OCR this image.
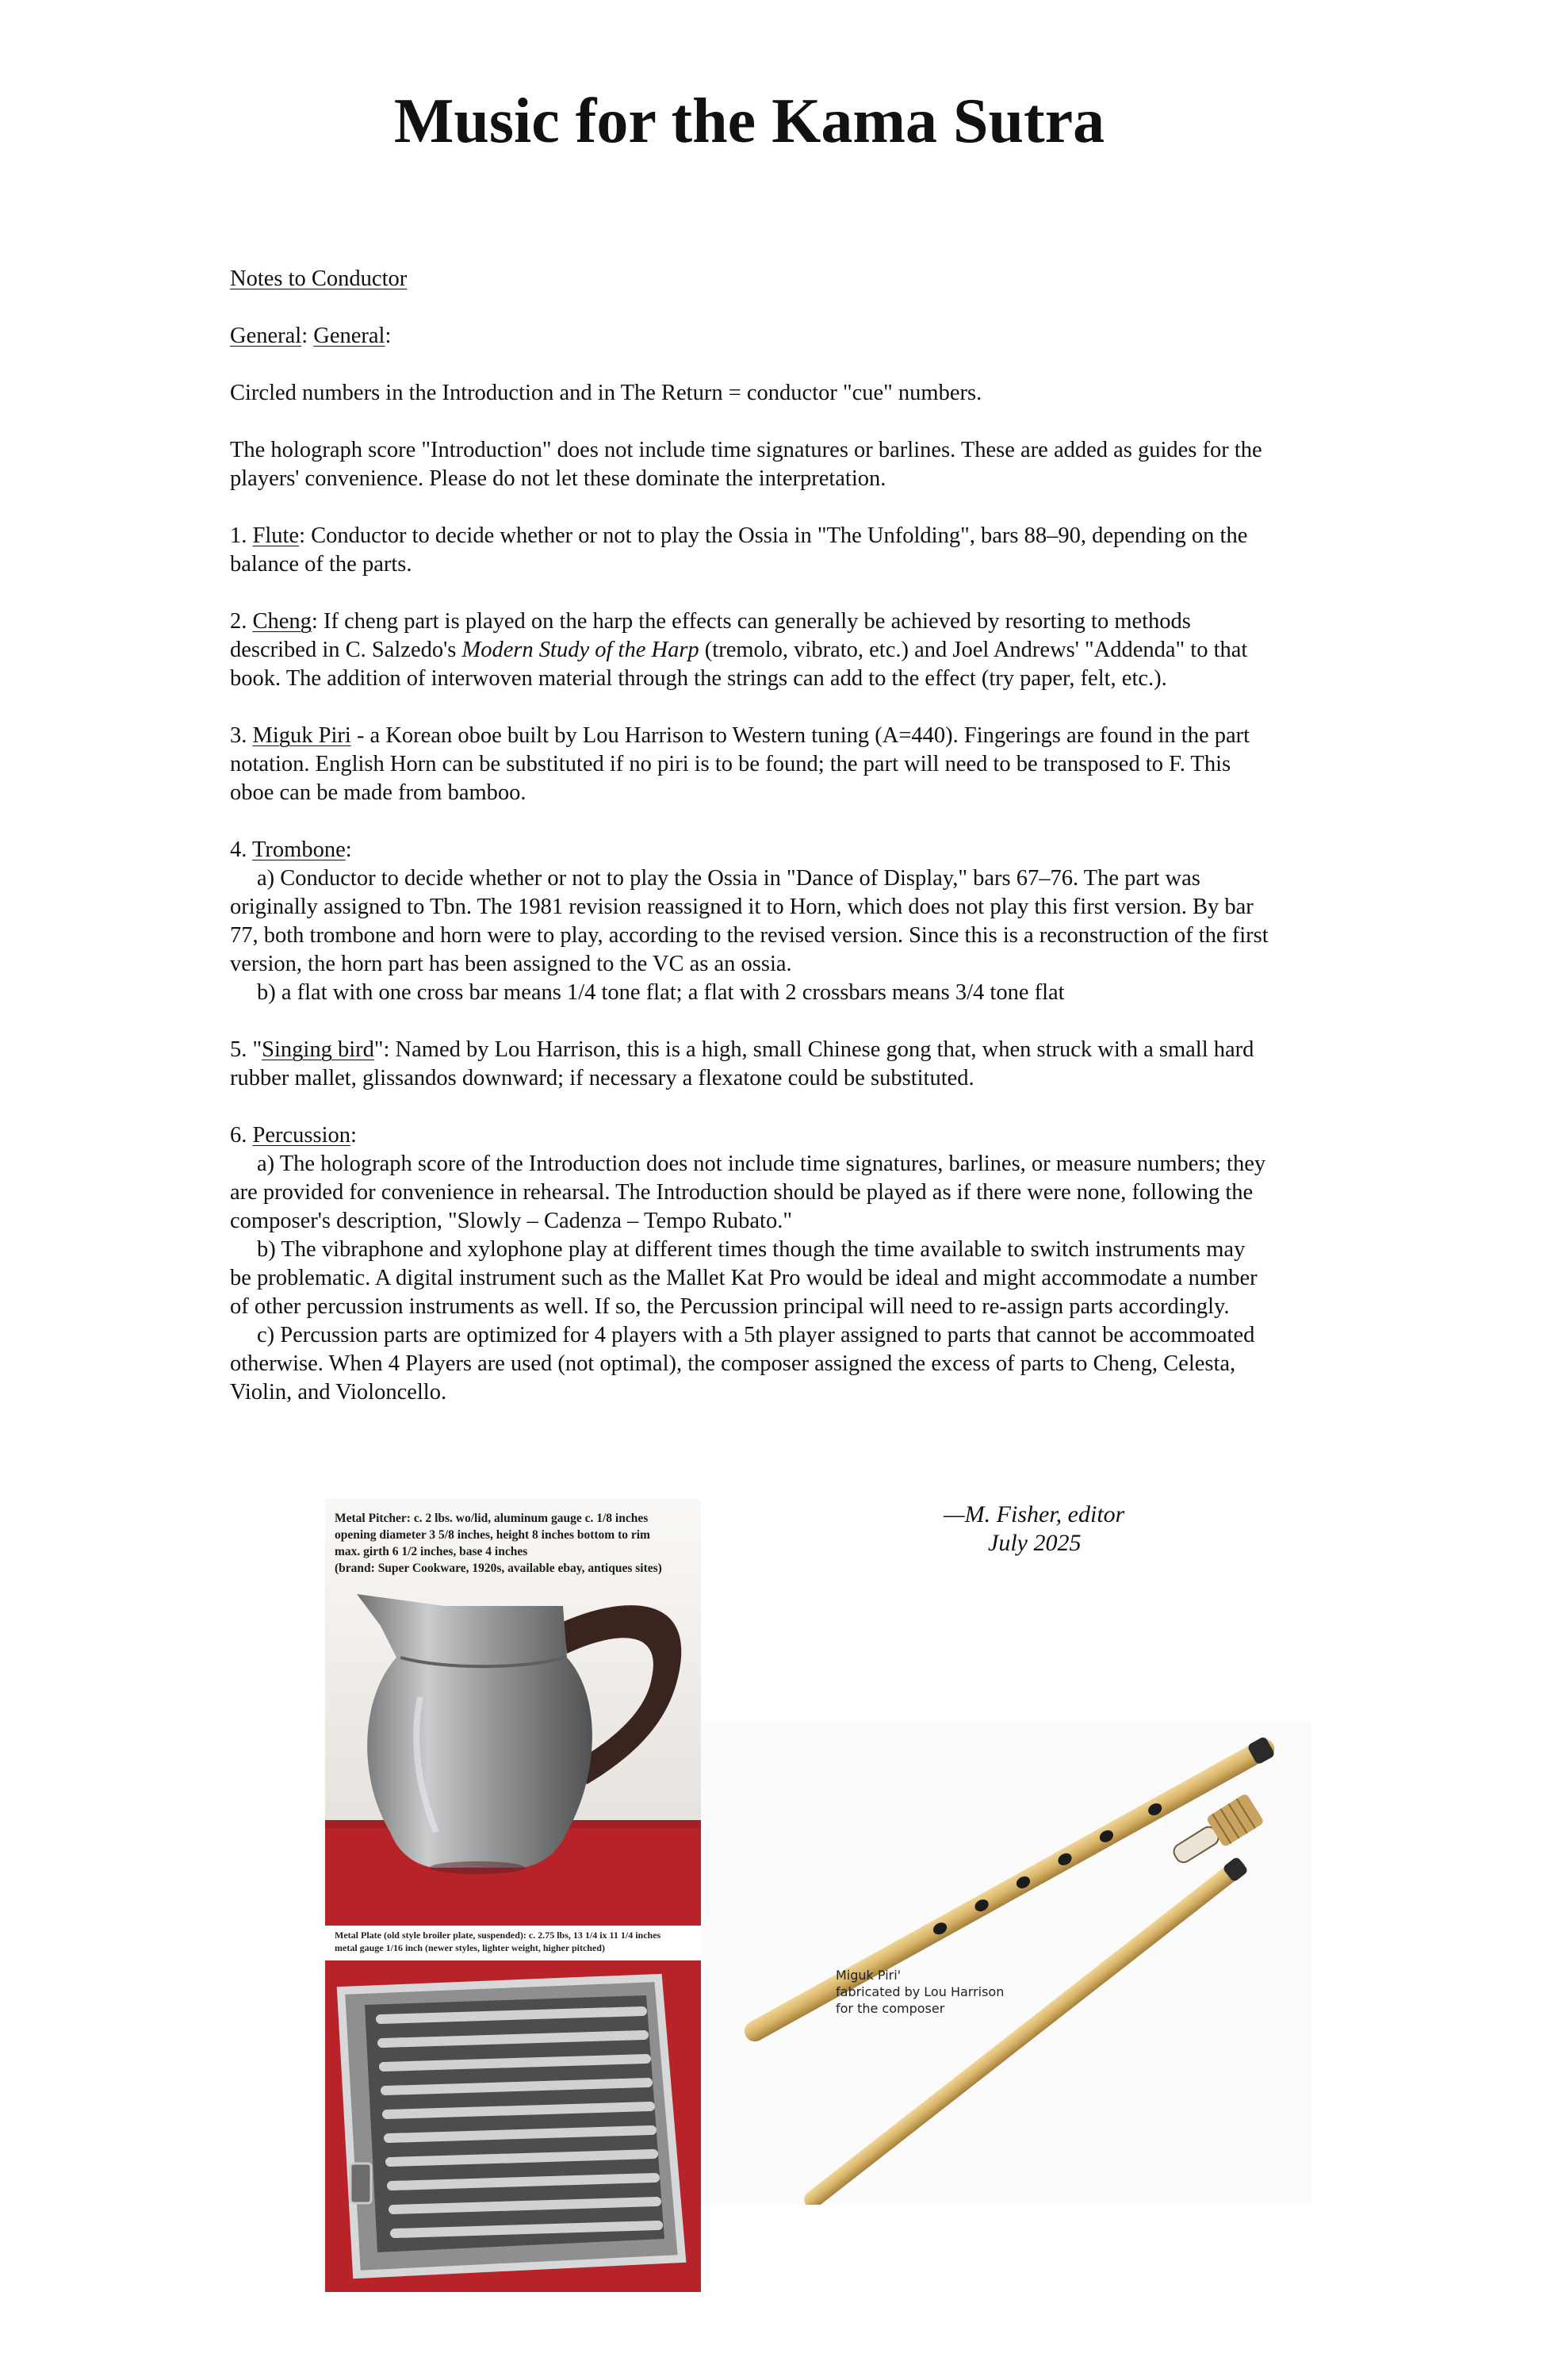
Music for the Kama Sutra

Notes to Conductor

General: General:

Circled numbers in the Introduction and in The Return = conductor "cue" numbers.

The holograph score "Introduction" does not include time signatures or barlines. These are added as guides for the players' convenience. Please do not let these dominate the interpretation.

1. Flute: Conductor to decide whether or not to play the Ossia in "The Unfolding", bars 88–90, depending on the balance of the parts.

2. Cheng: If cheng part is played on the harp the effects can generally be achieved by resorting to methods described in C. Salzedo's Modern Study of the Harp (tremolo, vibrato, etc.) and Joel Andrews' "Addenda" to that book. The addition of interwoven material through the strings can add to the effect (try paper, felt, etc.).

3. Miguk Piri - a Korean oboe built by Lou Harrison to Western tuning (A=440). Fingerings are found in the part notation. English Horn can be substituted if no piri is to be found; the part will need to be transposed to F. This oboe can be made from bamboo.

4. Trombone:
a) Conductor to decide whether or not to play the Ossia in "Dance of Display," bars 67–76. The part was originally assigned to Tbn. The 1981 revision reassigned it to Horn, which does not play this first version. By bar 77, both trombone and horn were to play, according to the revised version. Since this is a reconstruction of the first version, the horn part has been assigned to the VC as an ossia.
b) a flat with one cross bar means 1/4 tone flat; a flat with 2 crossbars means 3/4 tone flat

5. "Singing bird": Named by Lou Harrison, this is a high, small Chinese gong that, when struck with a small hard rubber mallet, glissandos downward; if necessary a flexatone could be substituted.

6. Percussion:
a) The holograph score of the Introduction does not include time signatures, barlines, or measure numbers; they are provided for convenience in rehearsal. The Introduction should be played as if there were none, following the composer's description, "Slowly – Cadenza – Tempo Rubato."
b) The vibraphone and xylophone play at different times though the time available to switch instruments may be problematic. A digital instrument such as the Mallet Kat Pro would be ideal and might accommodate a number of other percussion instruments as well. If so, the Percussion principal will need to re-assign parts accordingly.
c) Percussion parts are optimized for 4 players with a 5th player assigned to parts that cannot be accommoated otherwise. When 4 Players are used (not optimal), the composer assigned the excess of parts to Cheng, Celesta, Violin, and Violoncello.

—M. Fisher, editor
July 2025
Metal Pitcher: c. 2 lbs. wo/lid, aluminum gauge c. 1/8 inches
opening diameter 3 5/8 inches, height 8 inches bottom to rim
max. girth 6 1/2 inches, base 4 inches
(brand: Super Cookware, 1920s, available ebay, antiques sites)
Metal Plate (old style broiler plate, suspended): c. 2.75 lbs, 13 1/4 ix 11 1/4 inches
metal gauge 1/16 inch (newer styles, lighter weight, higher pitched)
Miguk Piri'
fabricated by Lou Harrison
for the composer
